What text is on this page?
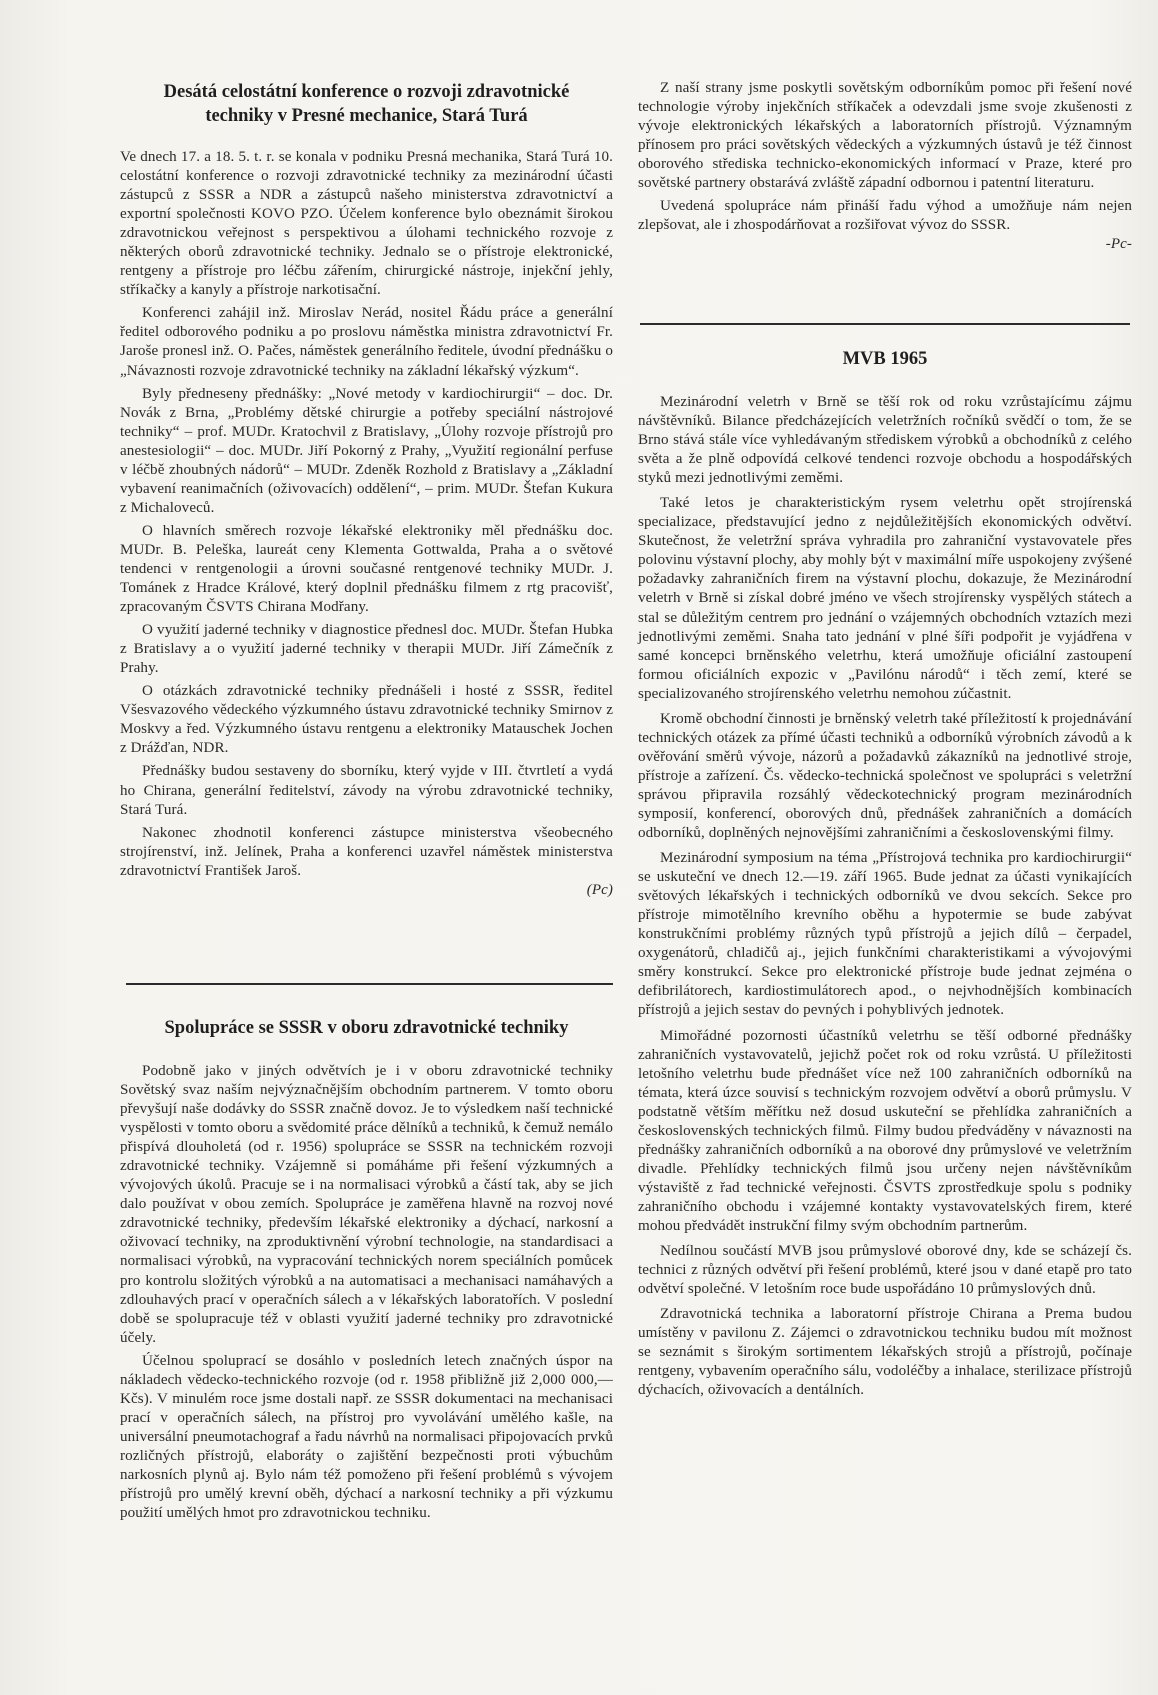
Desátá celostátní konference o rozvoji zdravotnické
techniky v Presné mechanice, Stará Turá

Ve dnech 17. a 18. 5. t. r. se konala v podniku Presná mechanika, Stará Turá 10. celostátní konference o rozvoji zdravotnické techniky za mezinárodní účasti zástupců z SSSR a NDR a zástupců našeho ministerstva zdravotnictví a exportní společnosti KOVO PZO. Účelem konference bylo obeznámit širokou zdravotnickou veřejnost s perspektivou a úlohami technického rozvoje z některých oborů zdravotnické techniky. Jednalo se o přístroje elektronické, rentgeny a přístroje pro léčbu zářením, chirurgické nástroje, injekční jehly, stříkačky a kanyly a přístroje narkotisační.

Konferenci zahájil inž. Miroslav Nerád, nositel Řádu práce a generální ředitel odborového podniku a po proslovu náměstka ministra zdravotnictví Fr. Jaroše pronesl inž. O. Pačes, náměstek generálního ředitele, úvodní přednášku o „Návaznosti rozvoje zdravotnické techniky na základní lékařský výzkum“.

Byly předneseny přednášky: „Nové metody v kardiochirurgii“ – doc. Dr. Novák z Brna, „Problémy dětské chirurgie a potřeby speciální nástrojové techniky“ – prof. MUDr. Kratochvil z Bratislavy, „Úlohy rozvoje přístrojů pro anestesiologii“ – doc. MUDr. Jiří Pokorný z Prahy, „Využití regionální perfuse v léčbě zhoubných nádorů“ – MUDr. Zdeněk Rozhold z Bratislavy a „Základní vybavení reanimačních (oživovacích) oddělení“, – prim. MUDr. Štefan Kukura z Michaloveců.

O hlavních směrech rozvoje lékařské elektroniky měl přednášku doc. MUDr. B. Peleška, laureát ceny Klementa Gottwalda, Praha a o světové tendenci v rentgenologii a úrovni současné rentgenové techniky MUDr. J. Tománek z Hradce Králové, který doplnil přednášku filmem z rtg pracovišť, zpracovaným ČSVTS Chirana Modřany.

O využití jaderné techniky v diagnostice přednesl doc. MUDr. Štefan Hubka z Bratislavy a o využití jaderné techniky v therapii MUDr. Jiří Zámečník z Prahy.

O otázkách zdravotnické techniky přednášeli i hosté z SSSR, ředitel Všesvazového vědeckého výzkumného ústavu zdravotnické techniky Smirnov z Moskvy a řed. Výzkumného ústavu rentgenu a elektroniky Matauschek Jochen z Drážďan, NDR.

Přednášky budou sestaveny do sborníku, který vyjde v III. čtvrtletí a vydá ho Chirana, generální ředitelství, závody na výrobu zdravotnické techniky, Stará Turá.

Nakonec zhodnotil konferenci zástupce ministerstva všeobecného strojírenství, inž. Jelínek, Praha a konferenci uzavřel náměstek ministerstva zdravotnictví František Jaroš.

(Pc)

Spolupráce se SSSR v oboru zdravotnické techniky

Podobně jako v jiných odvětvích je i v oboru zdravotnické techniky Sovětský svaz naším nejvýznačnějším obchodním partnerem. V tomto oboru převyšují naše dodávky do SSSR značně dovoz. Je to výsledkem naší technické vyspělosti v tomto oboru a svědomité práce dělníků a techniků, k čemuž nemálo přispívá dlouholetá (od r. 1956) spolupráce se SSSR na technickém rozvoji zdravotnické techniky. Vzájemně si pomáháme při řešení výzkumných a vývojových úkolů. Pracuje se i na normalisaci výrobků a částí tak, aby se jich dalo používat v obou zemích. Spolupráce je zaměřena hlavně na rozvoj nové zdravotnické techniky, především lékařské elektroniky a dýchací, narkosní a oživovací techniky, na zproduktivnění výrobní technologie, na standardisaci a normalisaci výrobků, na vypracování technických norem speciálních pomůcek pro kontrolu složitých výrobků a na automatisaci a mechanisaci namáhavých a zdlouhavých prací v operačních sálech a v lékařských laboratořích. V poslední době se spolupracuje též v oblasti využití jaderné techniky pro zdravotnické účely.

Účelnou spoluprací se dosáhlo v posledních letech značných úspor na nákladech vědecko-technického rozvoje (od r. 1958 přibližně již 2,000 000,— Kčs). V minulém roce jsme dostali např. ze SSSR dokumentaci na mechanisaci prací v operačních sálech, na přístroj pro vyvolávání umělého kašle, na universální pneumotachograf a řadu návrhů na normalisaci připojovacích prvků rozličných přístrojů, elaboráty o zajištění bezpečnosti proti výbuchům narkosních plynů aj. Bylo nám též pomoženo při řešení problémů s vývojem přístrojů pro umělý krevní oběh, dýchací a narkosní techniky a při výzkumu použití umělých hmot pro zdravotnickou techniku.

Z naší strany jsme poskytli sovětským odborníkům pomoc při řešení nové technologie výroby injekčních stříkaček a odevzdali jsme svoje zkušenosti z vývoje elektronických lékařských a laboratorních přístrojů. Významným přínosem pro práci sovětských vědeckých a výzkumných ústavů je též činnost oborového střediska technicko-ekonomických informací v Praze, které pro sovětské partnery obstarává zvláště západní odbornou i patentní literaturu.

Uvedená spolupráce nám přináší řadu výhod a umožňuje nám nejen zlepšovat, ale i zhospodárňovat a rozšiřovat vývoz do SSSR.

-Pc-

MVB 1965

Mezinárodní veletrh v Brně se těší rok od roku vzrůstajícímu zájmu návštěvníků. Bilance předcházejících veletržních ročníků svědčí o tom, že se Brno stává stále více vyhledávaným střediskem výrobků a obchodníků z celého světa a že plně odpovídá celkové tendenci rozvoje obchodu a hospodářských styků mezi jednotlivými zeměmi.

Také letos je charakteristickým rysem veletrhu opět strojírenská specializace, představující jedno z nejdůležitějších ekonomických odvětví. Skutečnost, že veletržní správa vyhradila pro zahraniční vystavovatele přes polovinu výstavní plochy, aby mohly být v maximální míře uspokojeny zvýšené požadavky zahraničních firem na výstavní plochu, dokazuje, že Mezinárodní veletrh v Brně si získal dobré jméno ve všech strojírensky vyspělých státech a stal se důležitým centrem pro jednání o vzájemných obchodních vztazích mezi jednotlivými zeměmi. Snaha tato jednání v plné šíři podpořit je vyjádřena v samé koncepci brněnského veletrhu, která umožňuje oficiální zastoupení formou oficiálních expozic v „Pavilónu národů“ i těch zemí, které se specializovaného strojírenského veletrhu nemohou zúčastnit.

Kromě obchodní činnosti je brněnský veletrh také příležitostí k projednávání technických otázek za přímé účasti techniků a odborníků výrobních závodů a k ověřování směrů vývoje, názorů a požadavků zákazníků na jednotlivé stroje, přístroje a zařízení. Čs. vědecko-technická společnost ve spolupráci s veletržní správou připravila rozsáhlý vědeckotechnický program mezinárodních symposií, konferencí, oborových dnů, přednášek zahraničních a domácích odborníků, doplněných nejnovějšími zahraničními a československými filmy.

Mezinárodní symposium na téma „Přístrojová technika pro kardiochirurgii“ se uskuteční ve dnech 12.—19. září 1965. Bude jednat za účasti vynikajících světových lékařských i technických odborníků ve dvou sekcích. Sekce pro přístroje mimotělního krevního oběhu a hypotermie se bude zabývat konstrukčními problémy různých typů přístrojů a jejich dílů – čerpadel, oxygenátorů, chladičů aj., jejich funkčními charakteristikami a vývojovými směry konstrukcí. Sekce pro elektronické přístroje bude jednat zejména o defibrilátorech, kardiostimulátorech apod., o nejvhodnějších kombinacích přístrojů a jejich sestav do pevných i pohyblivých jednotek.

Mimořádné pozornosti účastníků veletrhu se těší odborné přednášky zahraničních vystavovatelů, jejichž počet rok od roku vzrůstá. U příležitosti letošního veletrhu bude přednášet více než 100 zahraničních odborníků na témata, která úzce souvisí s technickým rozvojem odvětví a oborů průmyslu. V podstatně větším měřítku než dosud uskuteční se přehlídka zahraničních a československých technických filmů. Filmy budou předváděny v návaznosti na přednášky zahraničních odborníků a na oborové dny průmyslové ve veletržním divadle. Přehlídky technických filmů jsou určeny nejen návštěvníkům výstaviště z řad technické veřejnosti. ČSVTS zprostředkuje spolu s podniky zahraničního obchodu i vzájemné kontakty vystavovatelských firem, které mohou předvádět instrukční filmy svým obchodním partnerům.

Nedílnou součástí MVB jsou průmyslové oborové dny, kde se scházejí čs. technici z různých odvětví při řešení problémů, které jsou v dané etapě pro tato odvětví společné. V letošním roce bude uspořádáno 10 průmyslových dnů.

Zdravotnická technika a laboratorní přístroje Chirana a Prema budou umístěny v pavilonu Z. Zájemci o zdravotnickou techniku budou mít možnost se seznámit s širokým sortimentem lékařských strojů a přístrojů, počínaje rentgeny, vybavením operačního sálu, vodoléčby a inhalace, sterilizace přístrojů dýchacích, oživovacích a dentálních.
